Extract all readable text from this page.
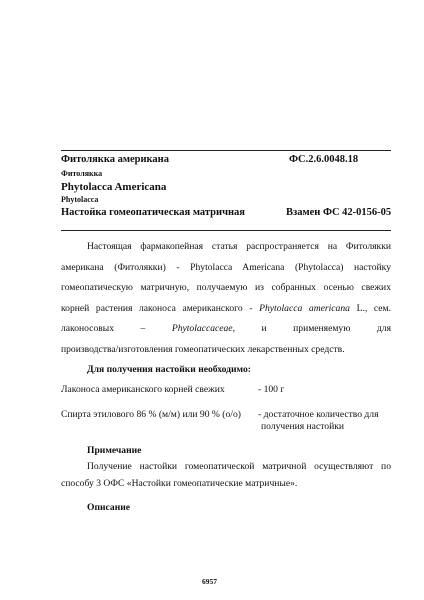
Фитолякка американа	ФС.2.6.0048.18
Фитолякка
Phytolacca Americana
Phytolacca
Настойка гомеопатическая матричная	Взамен ФС 42-0156-05
Настоящая фармакопейная статья распространяется на Фитолякки
американа (Фитолякки) - Phytolacca Americana (Phytolacca) настойку
гомеопатическую матричную, получаемую из собранных осенью свежих
корней растения лаконоса американского - Phytolacca americana L., сем.
лаконосовых	–	Phytolaccaceae,	и	применяемую	для
производства/изготовления гомеопатических лекарственных средств.
Для получения настойки необходимо:
Лаконоса американского корней свежих	- 100 г
Спирта этилового 86 % (м/м) или 90 % (о/о) - достаточное количество для
получения настойки
Примечание
Получение настойки гомеопатической матричной осуществляют по
способу 3 ОФС «Настойки гомеопатические матричные».
Описание
6957
